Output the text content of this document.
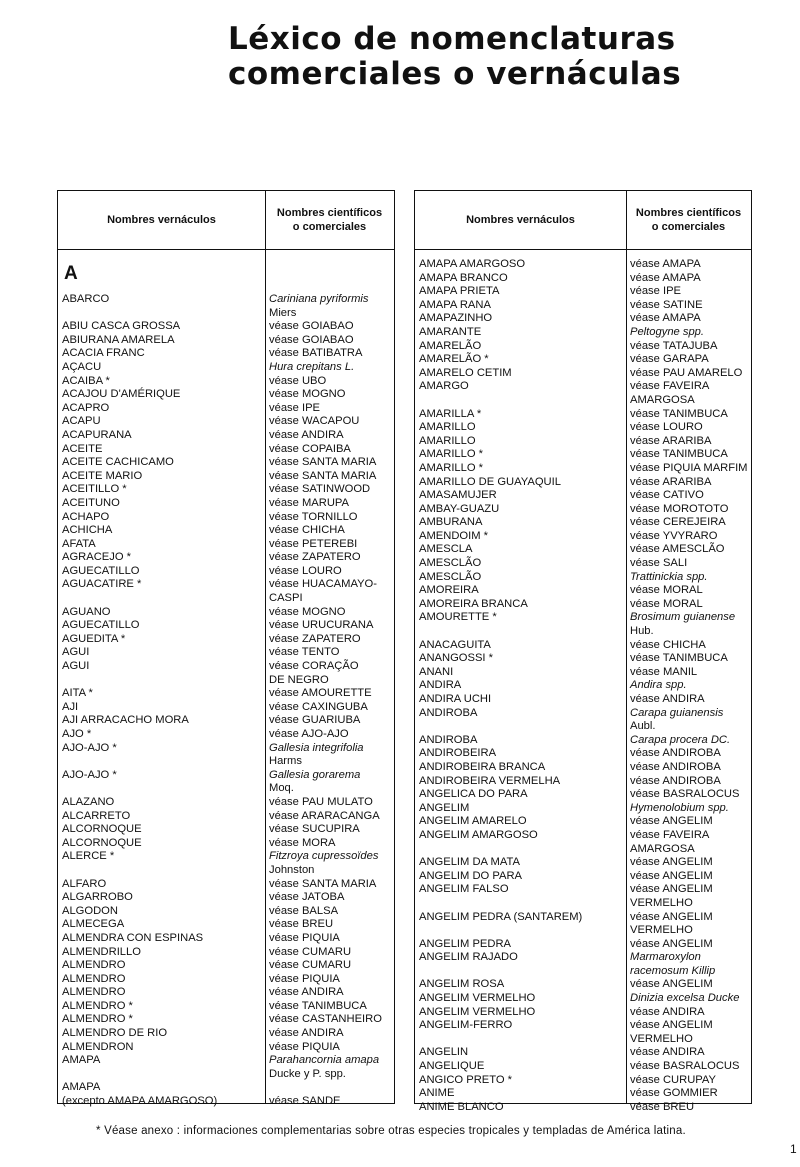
Léxico de nomenclaturas
comerciales o vernáculas
Nombres vernáculos
Nombres científicos
o comerciales
A
ABARCO	Cariniana pyriformis
Miers
ABIU CASCA GROSSA	véase GOIABAO
ABIURANA AMARELA	véase GOIABAO
ACACIA FRANC	véase BATIBATRA
AÇACU	Hura crepitans L.
ACAIBA *	véase UBO
ACAJOU D'AMÉRIQUE	véase MOGNO
ACAPRO	véase IPE
ACAPU	véase WACAPOU
ACAPURANA	véase ANDIRA
ACEITE	véase COPAIBA
ACEITE CACHICAMO	véase SANTA MARIA
ACEITE MARIO	véase SANTA MARIA
ACEITILLO *	véase SATINWOOD
ACEITUNO	véase MARUPA
ACHAPO	véase TORNILLO
ACHICHA	véase CHICHA
AFATA	véase PETEREBI
AGRACEJO *	véase ZAPATERO
AGUECATILLO	véase LOURO
AGUACATIRE *	véase HUACAMAYO-
CASPI
AGUANO	véase MOGNO
AGUECATILLO	véase URUCURANA
AGUEDITA *	véase ZAPATERO
AGUI	véase TENTO
AGUI	véase CORAÇÃO
DE NEGRO
AITA *	véase AMOURETTE
AJI	véase CAXINGUBA
AJI ARRACACHO MORA	véase GUARIUBA
AJO *	véase AJO-AJO
AJO-AJO *	Gallesia integrifolia
Harms
AJO-AJO *	Gallesia gorarema
Moq.
ALAZANO	véase PAU MULATO
ALCARRETO	véase ARARACANGA
ALCORNOQUE	véase SUCUPIRA
ALCORNOQUE	véase MORA
ALERCE *	Fitzroya cupressoïdes
Johnston
ALFARO	véase SANTA MARIA
ALGARROBO	véase JATOBA
ALGODON	véase BALSA
ALMECEGA	véase BREU
ALMENDRA CON ESPINAS	véase PIQUIA
ALMENDRILLO	véase CUMARU
ALMENDRO	véase CUMARU
ALMENDRO	véase PIQUIA
ALMENDRO	véase ANDIRA
ALMENDRO *	véase TANIMBUCA
ALMENDRO *	véase CASTANHEIRO
ALMENDRO DE RIO	véase ANDIRA
ALMENDRON	véase PIQUIA
AMAPA	Parahancornia amapa
Ducke y P. spp.
AMAPA
(excepto AMAPA AMARGOSO)	véase SANDE
Nombres vernáculos
Nombres científicos
o comerciales
AMAPA AMARGOSO	véase AMAPA
AMAPA BRANCO	véase AMAPA
AMAPA PRIETA	véase IPE
AMAPA RANA	véase SATINE
AMAPAZINHO	véase AMAPA
AMARANTE	Peltogyne spp.
AMARELÃO	véase TATAJUBA
AMARELÃO *	véase GARAPA
AMARELO CETIM	véase PAU AMARELO
AMARGO	véase FAVEIRA
AMARGOSA
AMARILLA *	véase TANIMBUCA
AMARILLO	véase LOURO
AMARILLO	véase ARARIBA
AMARILLO *	véase TANIMBUCA
AMARILLO *	véase PIQUIA MARFIM
AMARILLO DE GUAYAQUIL	véase ARARIBA
AMASAMUJER	véase CATIVO
AMBAY-GUAZU	véase MOROTOTO
AMBURANA	véase CEREJEIRA
AMENDOIM *	véase YVYRARO
AMESCLA	véase AMESCLÃO
AMESCLÃO	véase SALI
AMESCLÃO	Trattinickia spp.
AMOREIRA	véase MORAL
AMOREIRA BRANCA	véase MORAL
AMOURETTE *	Brosimum guianense
Hub.
ANACAGUITA	véase CHICHA
ANANGOSSI *	véase TANIMBUCA
ANANI	véase MANIL
ANDIRA	Andira spp.
ANDIRA UCHI	véase ANDIRA
ANDIROBA	Carapa guianensis
Aubl.
ANDIROBA	Carapa procera DC.
ANDIROBEIRA	véase ANDIROBA
ANDIROBEIRA BRANCA	véase ANDIROBA
ANDIROBEIRA VERMELHA	véase ANDIROBA
ANGELICA DO PARA	véase BASRALOCUS
ANGELIM	Hymenolobium spp.
ANGELIM AMARELO	véase ANGELIM
ANGELIM AMARGOSO	véase FAVEIRA
AMARGOSA
ANGELIM DA MATA	véase ANGELIM
ANGELIM DO PARA	véase ANGELIM
ANGELIM FALSO	véase ANGELIM
VERMELHO
ANGELIM PEDRA (SANTAREM)	véase ANGELIM
VERMELHO
ANGELIM PEDRA	véase ANGELIM
ANGELIM RAJADO	Marmaroxylon
racemosum Killip
ANGELIM ROSA	véase ANGELIM
ANGELIM VERMELHO	Dinizia excelsa Ducke
ANGELIM VERMELHO	véase ANDIRA
ANGELIM-FERRO	véase ANGELIM
VERMELHO
ANGELIN	véase ANDIRA
ANGELIQUE	véase BASRALOCUS
ANGICO PRETO *	véase CURUPAY
ANIME	véase GOMMIER
ANIME BLANCO	véase BREU
* Véase anexo : informaciones complementarias sobre otras especies tropicales y templadas de América latina.
1
